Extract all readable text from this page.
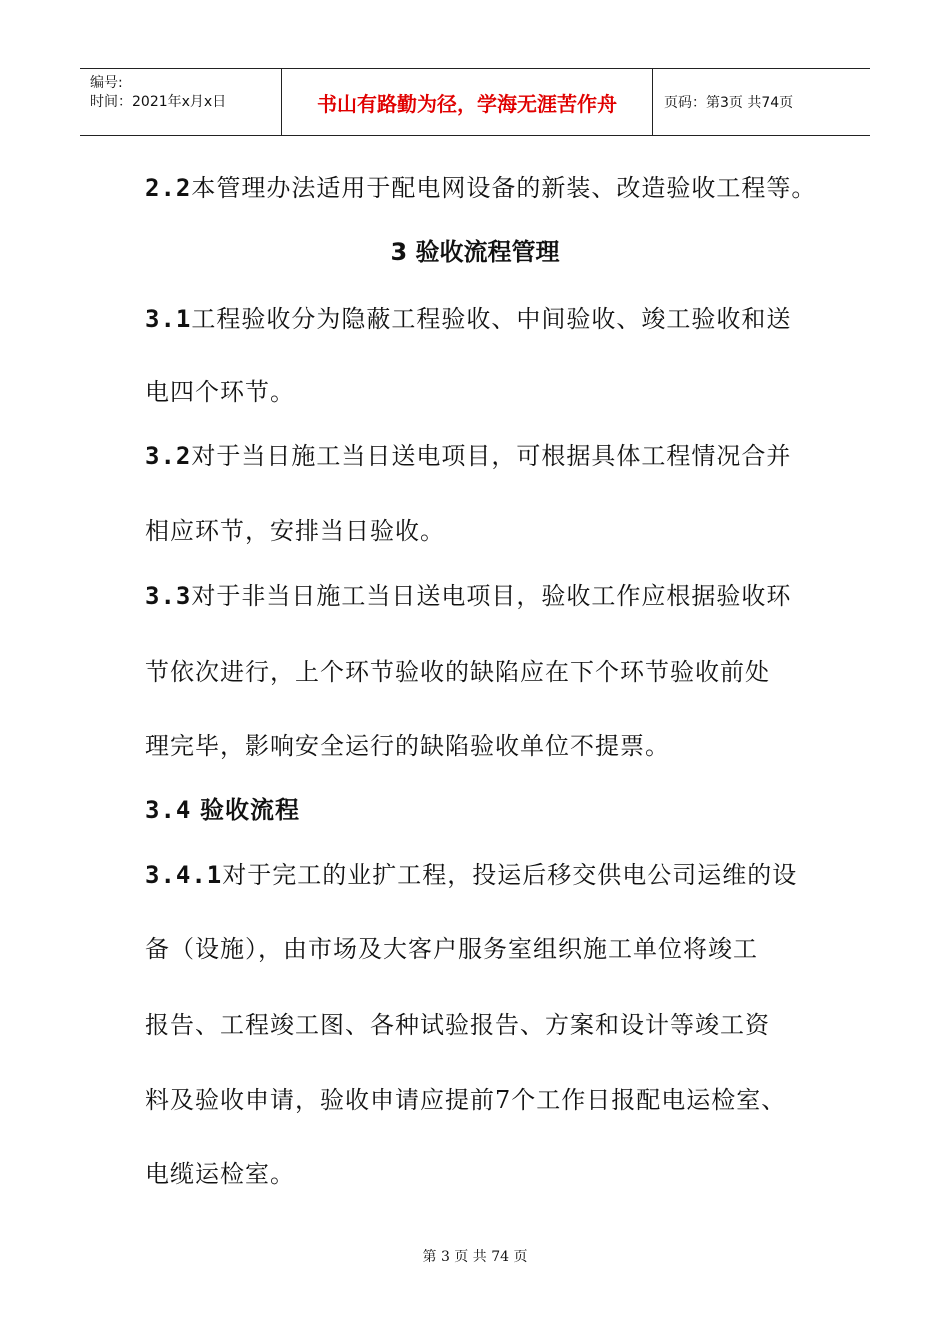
编号:
时间：2021年x月x日	书山有路勤为径，学海无涯苦作舟	页码：第3页 共74页
2.2本管理办法适用于配电网设备的新装、改造验收工程等。
3 验收流程管理
3.1工程验收分为隐蔽工程验收、中间验收、竣工验收和送
电四个环节。
3.2对于当日施工当日送电项目，可根据具体工程情况合并
相应环节，安排当日验收。
3.3对于非当日施工当日送电项目，验收工作应根据验收环
节依次进行，上个环节验收的缺陷应在下个环节验收前处
理完毕，影响安全运行的缺陷验收单位不提票。
3.4 验收流程
3.4.1对于完工的业扩工程，投运后移交供电公司运维的设
备（设施），由市场及大客户服务室组织施工单位将竣工
报告、工程竣工图、各种试验报告、方案和设计等竣工资
料及验收申请，验收申请应提前7个工作日报配电运检室、
电缆运检室。
第 3 页 共 74 页
